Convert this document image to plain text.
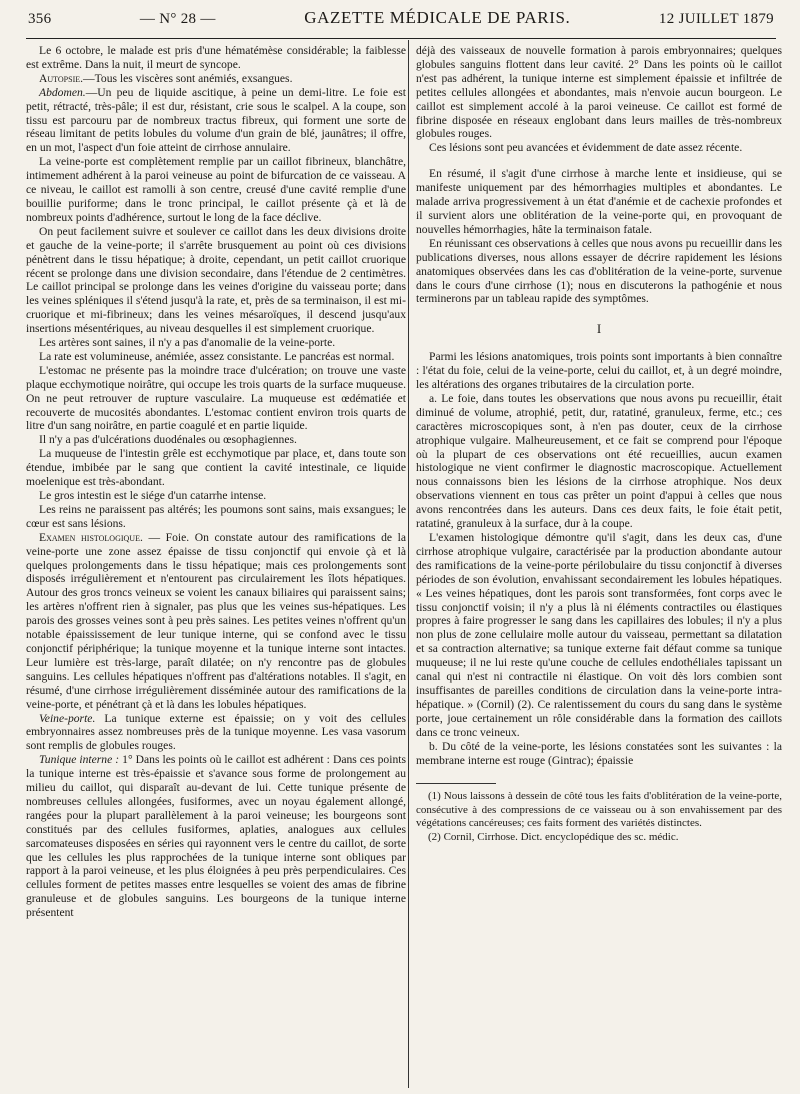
356	— N° 28 —	GAZETTE MÉDICALE DE PARIS.	12 JUILLET 1879

Le 6 octobre, le malade est pris d'une hématémèse considérable; la faiblesse est extrême. Dans la nuit, il meurt de syncope.

Autopsie.—Tous les viscères sont anémiés, exsangues.

Abdomen.—Un peu de liquide ascitique, à peine un demi-litre. Le foie est petit, rétracté, très-pâle; il est dur, résistant, crie sous le scalpel. A la coupe, son tissu est parcouru par de nombreux tractus fibreux, qui forment une sorte de réseau limitant de petits lobules du volume d'un grain de blé, jaunâtres; il offre, en un mot, l'aspect d'un foie atteint de cirrhose annulaire.

La veine-porte est complètement remplie par un caillot fibrineux, blanchâtre, intimement adhérent à la paroi veineuse au point de bifurcation de ce vaisseau. A ce niveau, le caillot est ramolli à son centre, creusé d'une cavité remplie d'une bouillie puriforme; dans le tronc principal, le caillot présente çà et là de nombreux points d'adhérence, surtout le long de la face déclive.

On peut facilement suivre et soulever ce caillot dans les deux divisions droite et gauche de la veine-porte; il s'arrête brusquement au point où ces divisions pénètrent dans le tissu hépatique; à droite, cependant, un petit caillot cruorique récent se prolonge dans une division secondaire, dans l'étendue de 2 centimètres. Le caillot principal se prolonge dans les veines d'origine du vaisseau porte; dans les veines spléniques il s'étend jusqu'à la rate, et, près de sa terminaison, il est mi-cruorique et mi-fibrineux; dans les veines mésaroïques, il descend jusqu'aux insertions mésentériques, au niveau desquelles il est simplement cruorique.

Les artères sont saines, il n'y a pas d'anomalie de la veine-porte.

La rate est volumineuse, anémiée, assez consistante. Le pancréas est normal.

L'estomac ne présente pas la moindre trace d'ulcération; on trouve une vaste plaque ecchymotique noirâtre, qui occupe les trois quarts de la surface muqueuse. On ne peut retrouver de rupture vasculaire. La muqueuse est œdématiée et recouverte de mucosités abondantes. L'estomac contient environ trois quarts de litre d'un sang noirâtre, en partie coagulé et en partie liquide.

Il n'y a pas d'ulcérations duodénales ou œsophagiennes.

La muqueuse de l'intestin grêle est ecchymotique par place, et, dans toute son étendue, imbibée par le sang que contient la cavité intestinale, ce liquide moelenique est très-abondant.

Le gros intestin est le siége d'un catarrhe intense.

Les reins ne paraissent pas altérés; les poumons sont sains, mais exsangues; le cœur est sans lésions.

Examen histologique. — Foie. On constate autour des ramifications de la veine-porte une zone assez épaisse de tissu conjonctif qui envoie çà et là quelques prolongements dans le tissu hépatique; mais ces prolongements sont disposés irrégulièrement et n'entourent pas circulairement les îlots hépatiques. Autour des gros troncs veineux se voient les canaux biliaires qui paraissent sains; les artères n'offrent rien à signaler, pas plus que les veines sus-hépatiques. Les parois des grosses veines sont à peu près saines. Les petites veines n'offrent qu'un notable épaississement de leur tunique interne, qui se confond avec le tissu conjonctif périphérique; la tunique moyenne et la tunique interne sont intactes. Leur lumière est très-large, paraît dilatée; on n'y rencontre pas de globules sanguins. Les cellules hépatiques n'offrent pas d'altérations notables. Il s'agit, en résumé, d'une cirrhose irrégulièrement disséminée autour des ramifications de la veine-porte, et pénétrant çà et là dans les lobules hépatiques.

Veine-porte. La tunique externe est épaissie; on y voit des cellules embryonnaires assez nombreuses près de la tunique moyenne. Les vasa vasorum sont remplis de globules rouges.

Tunique interne : 1° Dans les points où le caillot est adhérent : Dans ces points la tunique interne est très-épaissie et s'avance sous forme de prolongement au milieu du caillot, qui disparaît au-devant de lui. Cette tunique présente de nombreuses cellules allongées, fusiformes, avec un noyau également allongé, rangées pour la plupart parallèlement à la paroi veineuse; les bourgeons sont constitués par des cellules fusiformes, aplaties, analogues aux cellules sarcomateuses disposées en séries qui rayonnent vers le centre du caillot, de sorte que les cellules les plus rapprochées de la tunique interne sont obliques par rapport à la paroi veineuse, et les plus éloignées à peu près perpendiculaires. Ces cellules forment de petites masses entre lesquelles se voient des amas de fibrine granuleuse et de globules sanguins. Les bourgeons de la tunique interne présentent

déjà des vaisseaux de nouvelle formation à parois embryonnaires; quelques globules sanguins flottent dans leur cavité. 2° Dans les points où le caillot n'est pas adhérent, la tunique interne est simplement épaissie et infiltrée de petites cellules allongées et abondantes, mais n'envoie aucun bourgeon. Le caillot est simplement accolé à la paroi veineuse. Ce caillot est formé de fibrine disposée en réseaux englobant dans leurs mailles de très-nombreux globules rouges.

Ces lésions sont peu avancées et évidemment de date assez récente.

En résumé, il s'agit d'une cirrhose à marche lente et insidieuse, qui se manifeste uniquement par des hémorrhagies multiples et abondantes. Le malade arriva progressivement à un état d'anémie et de cachexie profondes et il survient alors une oblitération de la veine-porte qui, en provoquant de nouvelles hémorrhagies, hâte la terminaison fatale.

En réunissant ces observations à celles que nous avons pu recueillir dans les publications diverses, nous allons essayer de décrire rapidement les lésions anatomiques observées dans les cas d'oblitération de la veine-porte, survenue dans le cours d'une cirrhose (1); nous en discuterons la pathogénie et nous terminerons par un tableau rapide des symptômes.

I

Parmi les lésions anatomiques, trois points sont importants à bien connaître : l'état du foie, celui de la veine-porte, celui du caillot, et, à un degré moindre, les altérations des organes tributaires de la circulation porte.

a. Le foie, dans toutes les observations que nous avons pu recueillir, était diminué de volume, atrophié, petit, dur, ratatiné, granuleux, ferme, etc.; ces caractères microscopiques sont, à n'en pas douter, ceux de la cirrhose atrophique vulgaire. Malheureusement, et ce fait se comprend pour l'époque où la plupart de ces observations ont été recueillies, aucun examen histologique ne vient confirmer le diagnostic macroscopique. Actuellement nous connaissons bien les lésions de la cirrhose atrophique. Nos deux observations viennent en tous cas prêter un point d'appui à celles que nous avons rencontrées dans les auteurs. Dans ces deux faits, le foie était petit, ratatiné, granuleux à la surface, dur à la coupe.

L'examen histologique démontre qu'il s'agit, dans les deux cas, d'une cirrhose atrophique vulgaire, caractérisée par la production abondante autour des ramifications de la veine-porte périlobulaire du tissu conjonctif à diverses périodes de son évolution, envahissant secondairement les lobules hépatiques. « Les veines hépatiques, dont les parois sont transformées, font corps avec le tissu conjonctif voisin; il n'y a plus là ni éléments contractiles ou élastiques propres à faire progresser le sang dans les capillaires des lobules; il n'y a plus non plus de zone cellulaire molle autour du vaisseau, permettant sa dilatation et sa contraction alternative; sa tunique externe fait défaut comme sa tunique muqueuse; il ne lui reste qu'une couche de cellules endothéliales tapissant un canal qui n'est ni contractile ni élastique. On voit dès lors combien sont insuffisantes de pareilles conditions de circulation dans la veine-porte intra-hépatique. » (Cornil) (2). Ce ralentissement du cours du sang dans le système porte, joue certainement un rôle considérable dans la formation des caillots dans ce tronc veineux.

b. Du côté de la veine-porte, les lésions constatées sont les suivantes : la membrane interne est rouge (Gintrac); épaissie

(1) Nous laissons à dessein de côté tous les faits d'oblitération de la veine-porte, consécutive à des compressions de ce vaisseau ou à son envahissement par des végétations cancéreuses; ces faits forment des variétés distinctes.

(2) Cornil, Cirrhose. Dict. encyclopédique des sc. médic.
